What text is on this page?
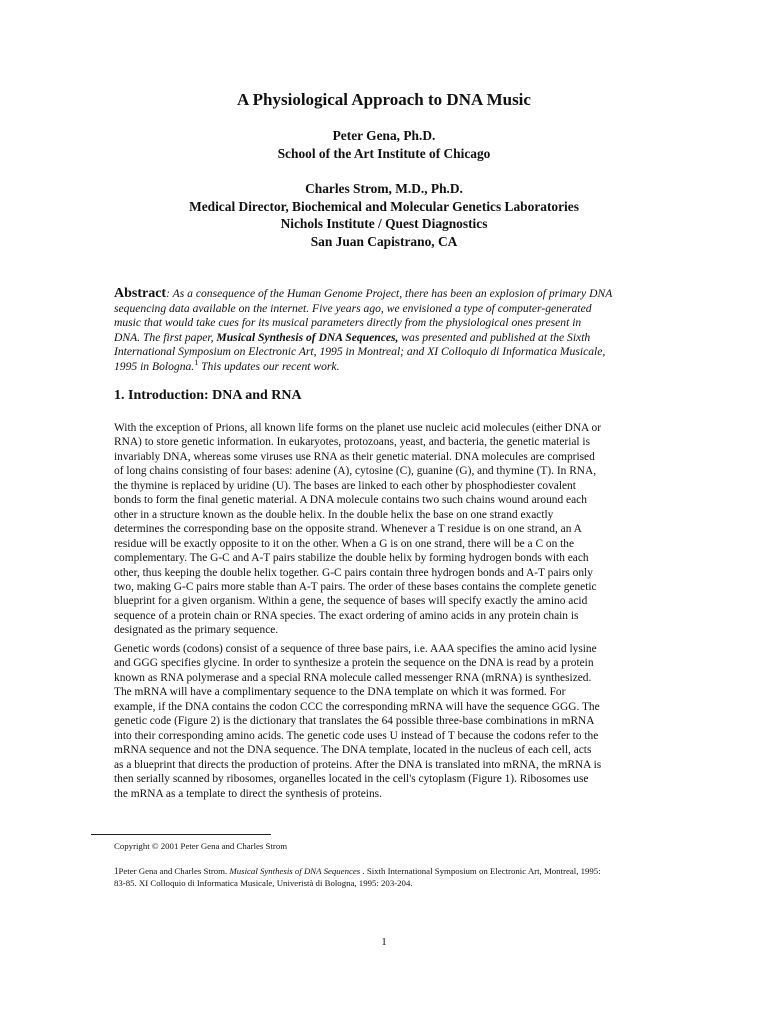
A Physiological Approach to DNA Music
Peter Gena, Ph.D.
School of the Art Institute of Chicago
Charles Strom, M.D., Ph.D.
Medical Director, Biochemical and Molecular Genetics Laboratories
Nichols Institute / Quest Diagnostics
San Juan Capistrano, CA
Abstract: As a consequence of the Human Genome Project, there has been an explosion of primary DNA
sequencing data available on the internet. Five years ago, we envisioned a type of computer-generated
music that would take cues for its musical parameters directly from the physiological ones present in
DNA. The first paper, Musical Synthesis of DNA Sequences, was presented and published at the Sixth
International Symposium on Electronic Art, 1995 in Montreal; and XI Colloquio di Informatica Musicale,
1995 in Bologna.$^1$ This updates our recent work.
1. Introduction: DNA and RNA
With the exception of Prions, all known life forms on the planet use nucleic acid molecules (either DNA or
RNA) to store genetic information. In eukaryotes, protozoans, yeast, and bacteria, the genetic material is
invariably DNA, whereas some viruses use RNA as their genetic material. DNA molecules are comprised
of long chains consisting of four bases: adenine (A), cytosine (C), guanine (G), and thymine (T). In RNA,
the thymine is replaced by uridine (U). The bases are linked to each other by phosphodiester covalent
bonds to form the final genetic material. A DNA molecule contains two such chains wound around each
other in a structure known as the double helix. In the double helix the base on one strand exactly
determines the corresponding base on the opposite strand. Whenever a T residue is on one strand, an A
residue will be exactly opposite to it on the other. When a G is on one strand, there will be a C on the
complementary. The G-C and A-T pairs stabilize the double helix by forming hydrogen bonds with each
other, thus keeping the double helix together. G-C pairs contain three hydrogen bonds and A-T pairs only
two, making G-C pairs more stable than A-T pairs. The order of these bases contains the complete genetic
blueprint for a given organism. Within a gene, the sequence of bases will specify exactly the amino acid
sequence of a protein chain or RNA species. The exact ordering of amino acids in any protein chain is
designated as the primary sequence.
Genetic words (codons) consist of a sequence of three base pairs, i.e. AAA specifies the amino acid lysine
and GGG specifies glycine. In order to synthesize a protein the sequence on the DNA is read by a protein
known as RNA polymerase and a special RNA molecule called messenger RNA (mRNA) is synthesized.
The mRNA will have a complimentary sequence to the DNA template on which it was formed. For
example, if the DNA contains the codon CCC the corresponding mRNA will have the sequence GGG. The
genetic code (Figure 2) is the dictionary that translates the 64 possible three-base combinations in mRNA
into their corresponding amino acids. The genetic code uses U instead of T because the codons refer to the
mRNA sequence and not the DNA sequence. The DNA template, located in the nucleus of each cell, acts
as a blueprint that directs the production of proteins. After the DNA is translated into mRNA, the mRNA is
then serially scanned by ribosomes, organelles located in the cell's cytoplasm (Figure 1). Ribosomes use
the mRNA as a template to direct the synthesis of proteins.

Copyright © 2001 Peter Gena and Charles Strom

1Peter Gena and Charles Strom. Musical Synthesis of DNA Sequences . Sixth International Symposium on Electronic Art, Montreal, 1995:
83-85. XI Colloquio di Informatica Musicale, Univeristà di Bologna, 1995: 203-204.

1
